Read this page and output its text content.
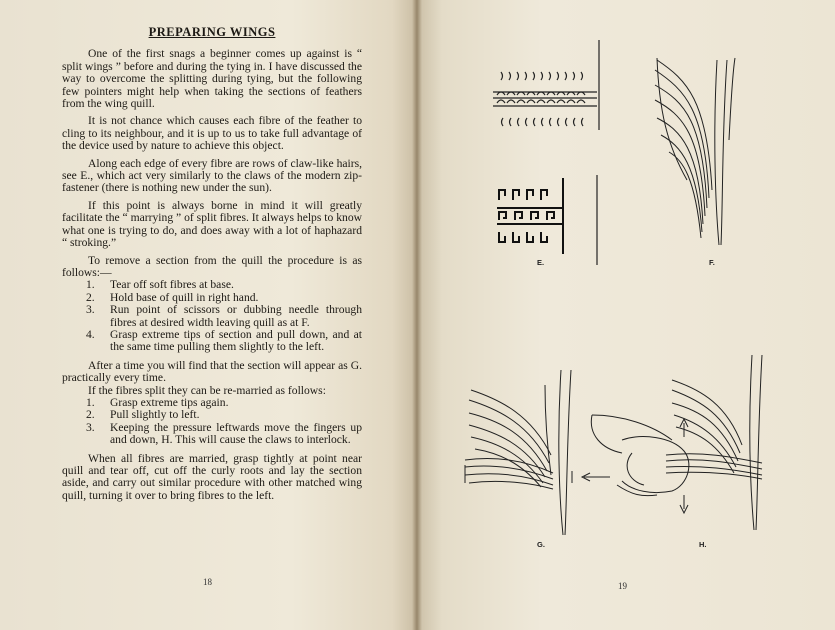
PREPARING WINGS

One of the first snags a beginner comes up against is “ split wings ” before and during the tying in. I have discussed the way to overcome the splitting during tying, but the following few pointers might help when taking the sections of feathers from the wing quill.

It is not chance which causes each fibre of the feather to cling to its neighbour, and it is up to us to take full advantage of the device used by nature to achieve this object.

Along each edge of every fibre are rows of claw-like hairs, see E., which act very similarly to the claws of the modern zip-fastener (there is nothing new under the sun).

If this point is always borne in mind it will greatly facilitate the “ marrying ” of split fibres. It always helps to know what one is trying to do, and does away with a lot of haphazard “ stroking.”

To remove a section from the quill the procedure is as follows:—

1.	Tear off soft fibres at base.
2.	Hold base of quill in right hand.
3.	Run point of scissors or dubbing needle through fibres at desired width leaving quill as at F.
4.	Grasp extreme tips of section and pull down, and at the same time pulling them slightly to the left.

After a time you will find that the section will appear as G. practically every time.

If the fibres split they can be re-married as follows:

1.	Grasp extreme tips again.
2.	Pull slightly to left.
3.	Keeping the pressure leftwards move the fingers up and down, H. This will cause the claws to interlock.

When all fibres are married, grasp tightly at point near quill and tear off, cut off the curly roots and lay the section aside, and carry out similar procedure with other matched wing quill, turning it over to bring fibres to the left.

18
E.	F.
G.	H.
19
